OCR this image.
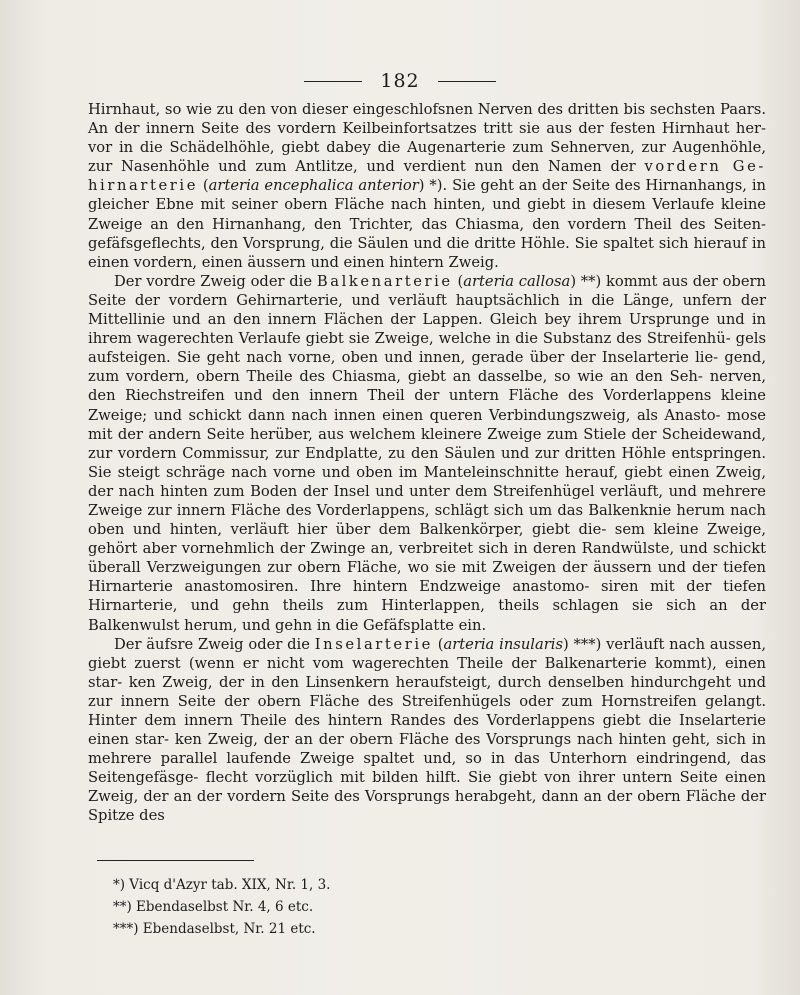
182

Hirnhaut, so wie zu den von dieser eingeschlofsnen Nerven des dritten bis sechsten Paars. An der innern Seite des vordern Keilbeinfortsatzes tritt sie aus der festen Hirnhaut her- vor in die Schädelhöhle, giebt dabey die Augenarterie zum Sehnerven, zur Augenhöhle, zur Nasenhöhle und zum Antlitze, und verdient nun den Namen der vordern Ge- hirnarterie (arteria encephalica anterior) *). Sie geht an der Seite des Hirnanhangs, in gleicher Ebne mit seiner obern Fläche nach hinten, und giebt in diesem Verlaufe kleine Zweige an den Hirnanhang, den Trichter, das Chiasma, den vordern Theil des Seiten- gefäfsgeflechts, den Vorsprung, die Säulen und die dritte Höhle. Sie spaltet sich hierauf in einen vordern, einen äussern und einen hintern Zweig.

Der vordre Zweig oder die Balkenarterie (arteria callosa) **) kommt aus der obern Seite der vordern Gehirnarterie, und verläuft hauptsächlich in die Länge, unfern der Mittellinie und an den innern Flächen der Lappen. Gleich bey ihrem Ursprunge und in ihrem wagerechten Verlaufe giebt sie Zweige, welche in die Substanz des Streifenhü- gels aufsteigen. Sie geht nach vorne, oben und innen, gerade über der Inselarterie lie- gend, zum vordern, obern Theile des Chiasma, giebt an dasselbe, so wie an den Seh- nerven, den Riechstreifen und den innern Theil der untern Fläche des Vorderlappens kleine Zweige; und schickt dann nach innen einen queren Verbindungszweig, als Anasto- mose mit der andern Seite herüber, aus welchem kleinere Zweige zum Stiele der Scheidewand, zur vordern Commissur, zur Endplatte, zu den Säulen und zur dritten Höhle entspringen. Sie steigt schräge nach vorne und oben im Manteleinschnitte herauf, giebt einen Zweig, der nach hinten zum Boden der Insel und unter dem Streifenhügel verläuft, und mehrere Zweige zur innern Fläche des Vorderlappens, schlägt sich um das Balkenknie herum nach oben und hinten, verläuft hier über dem Balkenkörper, giebt die- sem kleine Zweige, gehört aber vornehmlich der Zwinge an, verbreitet sich in deren Randwülste, und schickt überall Verzweigungen zur obern Fläche, wo sie mit Zweigen der äussern und der tiefen Hirnarterie anastomosiren. Ihre hintern Endzweige anastomo- siren mit der tiefen Hirnarterie, und gehn theils zum Hinterlappen, theils schlagen sie sich an der Balkenwulst herum, und gehn in die Gefäfsplatte ein.

Der äufsre Zweig oder die Inselarterie (arteria insularis) ***) verläuft nach aussen, giebt zuerst (wenn er nicht vom wagerechten Theile der Balkenarterie kommt), einen star- ken Zweig, der in den Linsenkern heraufsteigt, durch denselben hindurchgeht und zur innern Seite der obern Fläche des Streifenhügels oder zum Hornstreifen gelangt. Hinter dem innern Theile des hintern Randes des Vorderlappens giebt die Inselarterie einen star- ken Zweig, der an der obern Fläche des Vorsprungs nach hinten geht, sich in mehrere parallel laufende Zweige spaltet und, so in das Unterhorn eindringend, das Seitengefäsge- flecht vorzüglich mit bilden hilft. Sie giebt von ihrer untern Seite einen Zweig, der an der vordern Seite des Vorsprungs herabgeht, dann an der obern Fläche der Spitze des

*) Vicq d'Azyr tab. XIX, Nr. 1, 3.
**) Ebendaselbst Nr. 4, 6 etc.
***) Ebendaselbst, Nr. 21 etc.
